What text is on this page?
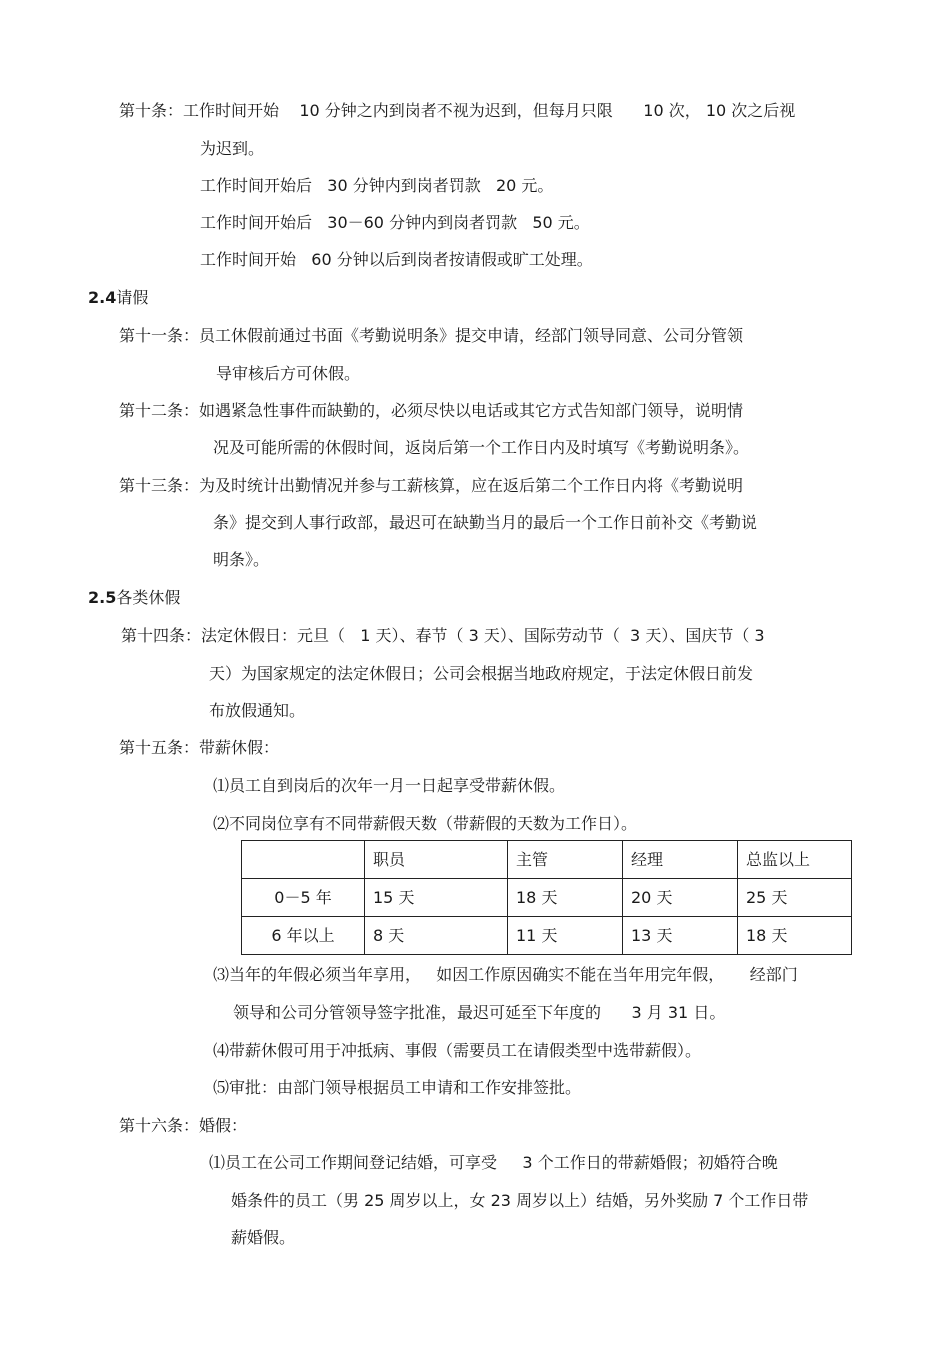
第十条：工作时间开始    10 分钟之内到岗者不视为迟到，但每月只限      10 次， 10 次之后视
为迟到。
工作时间开始后   30 分钟内到岗者罚款   20 元。
工作时间开始后   30－60 分钟内到岗者罚款   50 元。
工作时间开始   60 分钟以后到岗者按请假或旷工处理。
2.4请假
第十一条：员工休假前通过书面《考勤说明条》提交申请，经部门领导同意、公司分管领
导审核后方可休假。
第十二条：如遇紧急性事件而缺勤的，必须尽快以电话或其它方式告知部门领导，说明情
况及可能所需的休假时间，返岗后第一个工作日内及时填写《考勤说明条》。
第十三条：为及时统计出勤情况并参与工薪核算，应在返后第二个工作日内将《考勤说明
条》提交到人事行政部，最迟可在缺勤当月的最后一个工作日前补交《考勤说
明条》。
2.5各类休假
第十四条：法定休假日：元旦（   1 天）、春节（ 3 天）、国际劳动节（  3 天）、国庆节（ 3
天）为国家规定的法定休假日；公司会根据当地政府规定，于法定休假日前发
布放假通知。
第十五条：带薪休假：
⑴员工自到岗后的次年一月一日起享受带薪休假。
⑵不同岗位享有不同带薪假天数（带薪假的天数为工作日）。
	职员	主管	经理	总监以上
0－5 年	15 天	18 天	20 天	25 天
6 年以上	8 天	11 天	13 天	18 天
⑶当年的年假必须当年享用，   如因工作原因确实不能在当年用完年假，     经部门
领导和公司分管领导签字批准，最迟可延至下年度的      3 月 31 日。
⑷带薪休假可用于冲抵病、事假（需要员工在请假类型中选带薪假）。
⑸审批：由部门领导根据员工申请和工作安排签批。
第十六条：婚假：
⑴员工在公司工作期间登记结婚，可享受     3 个工作日的带薪婚假；初婚符合晚
婚条件的员工（男 25 周岁以上，女 23 周岁以上）结婚，另外奖励 7 个工作日带
薪婚假。
